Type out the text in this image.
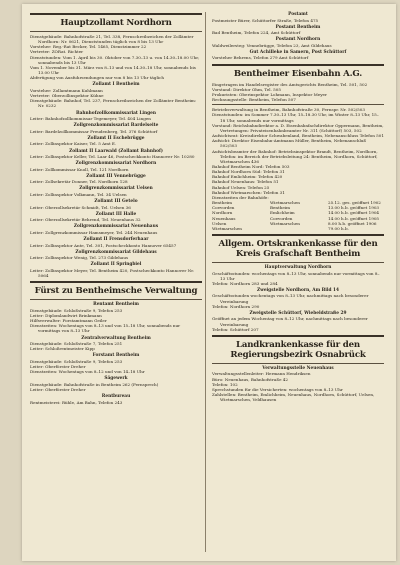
Hauptzollamt Nordhorn

Dienstgebäude: Bahnhofstraße 21, Tel. 338, Fernschreibzeichen der Zollämter Nordhorn: Nr. 0621, Dienststunden täglich von 8 bis 13 Uhr

Vorsteher: Reg.-Rat Becker, Tel. 1465, Dienstzimmer 22

Vertreter: ZORat. Richter

Dienststunden: Vom 1. April bis 30. Oktober von 7.30–13 u. von 14.30–18.00 Uhr, sonnabends bis 13 Uhr

Vom 1. November bis 31. März von 8–13 und von 14.30–18 Uhr, sonnabends bis 13.00 Uhr

Abfertigung von Ausfuhrsendungen nur von 8 bis 13 Uhr täglich

Zollamt I Bentheim

Vorsteher: Zollamtmann Kuhlmann

Vertreter: Oberzollinspektor Kühne

Dienstgebäude: Bahnhof, Tel. 237, Fernschreibzeichen der Zollämter Bentheim: Nr. 0232

Bahnhofzollkommissariat Lingen

Leiter: Bahnhofzollkommissar Tegemeyer, Tel. 404 Lingen

Zollgrenzkommissariat Bardelseite

Leiter: Bardelzollkommissar Freudenberg, Tel. 376 Schüttorf

Zollamt II Eschebrügge

Leiter: Zollinspektor Kaiser, Tel. 5 Amt E.

Zollamt II Laarwald (Zollamt Bahnhof)

Leiter: Zollinspektor Keller, Tel. Laar 46, Postscheckkonto Hannover Nr. 10280

Zollgrenzkommissariat Nordhorn

Leiter: Zollkommissar Knoll, Tel. 121 Nordhorn

Zollamt III Vennebrügge

Leiter: Zollsekretär Donner, Tel. Nordhorn 128

Zollgrenzkommissariat Uelsen

Leiter: Zollinspektor Volkmann, Tel. 34 Uelsen

Zollamt III Getelo

Leiter: Oberzollsekretär Schmidt, Tel. Uelsen 36

Zollamt III Halle

Leiter: Oberzollsekretär Behrend, Tel. Neuenhaus 32

Zollgrenzkommissariat Neuenhaus

Leiter: Zollgrenzkommissar Hamsmeyer, Tel. 244 Neuenhaus

Zollamt II Frensdorferhaar

Leiter: Zollinspektor Ante, Tel. 301, Postscheckkonto Hannover 65457

Zollgrenzkommissariat Gildehaus

Leiter: Zollinspektor Wenig, Tel. 273 Gildehaus

Zollamt II Springbiel

Leiter: Zollinspektor Meyer, Tel. Bentheim 420, Postscheckkonto Hannover Nr. 5064

Fürst zu Bentheimsche Verwaltung
Rentamt Bentheim

Dienstgebäude: Schloßstraße 9, Telefon 253

Leiter: Diplomlandwirt Brinkmann

Hilfsverwalter: Forstamtmann Geiler

Dienstzeiten: Wochentags von 8–13 und von 15–18 Uhr, sonnabends nur vormittags von 8–13 Uhr

Zentralverwaltung Bentheim

Dienstgebäude: Schloßstraße 7, Telefon 251

Leiter: Schloßrentmeister Kipp

Forstamt Bentheim

Dienstgebäude: Schloßstraße 9, Telefon 253

Leiter: Oberförster Dreher

Dienstzeiten: Wochentags von 8–12 und von 14–18 Uhr

Sägewerk

Dienstgebäude: Bahnhofstraße in Bentheim 262 (Fernsprech)

Leiter: Oberförster Dreher

Rentbureau

Rentmeisterei: Rühle, Am Bahn, Telefon 243

Postamt

Postmeister Bürer, Schüttorfer Straße, Telefon 475

Postamt Bentheim

Bad Bentheim, Telefon 224, Amt Schüttorf

Postamt Nordhorn

Waldweilersteg: Vennebrügge, Telefon 23, Amt Gildehaus

Gut Achilleke in Samern, Post Schüttorf

Vorsteher Behrens, Telefon 279 Amt Schüttorf

Bentheimer Eisenbahn A.G.

Eingetragen im Handelsregister des Amtsgerichts Bentheim, Tel. 501, 502

Vorstand: Direktor Ohm, Tel. 505

Prokuristen: Oberinspektor Lohmann, Inspektor Meyer

Rechnungsstelle: Bentheim, Telefon 507

Betriebsverwaltung in Bentheim, Bahnhofstraße 30, Fernspr. Nr. 502/503

Dienststunden: im Sommer 7.30–13 Uhr, 15–18.30 Uhr, im Winter 8–13 Uhr, 15–18 Uhr, sonnabends nur vormittags

Vorstand: Reichsbahndirektor a. D. Eisenbahnfachdirektor Oppermann, Bentheim, Vertretungen: Privateisenbahnbeamter Nr. 311 (Schüttorf) 503, 502

Aufsichtsrat: Kreisdirektor Schwabenland, Bentheim, Nebenanschluss Telefon 501

Aufsicht: Direktor Eisenbahn-Amtmann Müller, Bentheim, Nebenanschluß 502/503

Aufsichtsbeamter der Bahnhof: Betriebsinspektor Brandt, Bentheim, Nordhorn, Telefon: im Bereich der Betriebsleitung 24: Bentheim, Nordhorn, Schüttorf, Wietmarschen 436

Bahnhof Bentheim Nord: Telefon 503

Bahnhof Nordhorn Süd: Telefon 31

Bahnhof Emlichheim: Telefon 420

Bahnhof Neuenhaus: Telefon 51

Bahnhof Uelsen: Telefon 25

Bahnhof Wietmarschen: Telefon 31

Dienstzeiten der Bahnhöfe:

Bentheim	Wietmarschen	25.12. ges. geöffnet 1902
Coevorden	Bentheim	13.00 h.b. geöffnet 1903
Nordhorn	Emlichheim	14.00 h.b. geöffnet 1904
Neuenhaus	Coevorden	14.00 h.b. geöffnet 1905
Uelsen	Wietmarschen	8.00 h.b. geöffnet 1906
Wietmarschen	79.00 h.b.
Allgem. Ortskrankenkasse für den Kreis Grafschaft Bentheim
Hauptverwaltung Nordhorn

Geschäftsstunden: wochentags von 8–13 Uhr, sonnabends nur vormittags von 8–13 Uhr

Telefon: Nordhorn 283 und 284

Zweigstelle Nordhorn, Am Bild 14

Geschäftsstunden wochentags von 8–13 Uhr, nachmittags nach besonderer Vereinbarung

Telefon: Nordhorn 290

Zweigstelle Schüttorf, Wiebeldstraße 29

Geöffnet an jedem Wochentag von 8–12 Uhr, nachmittags nach besonderer Vereinbarung

Telefon: Schüttorf 207

Landkrankenkasse für den Regierungsbezirk Osnabrück
Verwaltungsstelle Neuenhaus

Verwaltungsstellenleiter: Hermann Hendriksen

Büro: Neuenhaus, Bahnhofstraße 42

Telefon: 102

Sprechstunden für die Versicherten: wochentags von 8–13 Uhr

Zahlstellen: Bentheim, Emlichheim, Neuenhaus, Nordhorn, Schüttorf, Uelsen, Wietmarschen, Veldhausen
